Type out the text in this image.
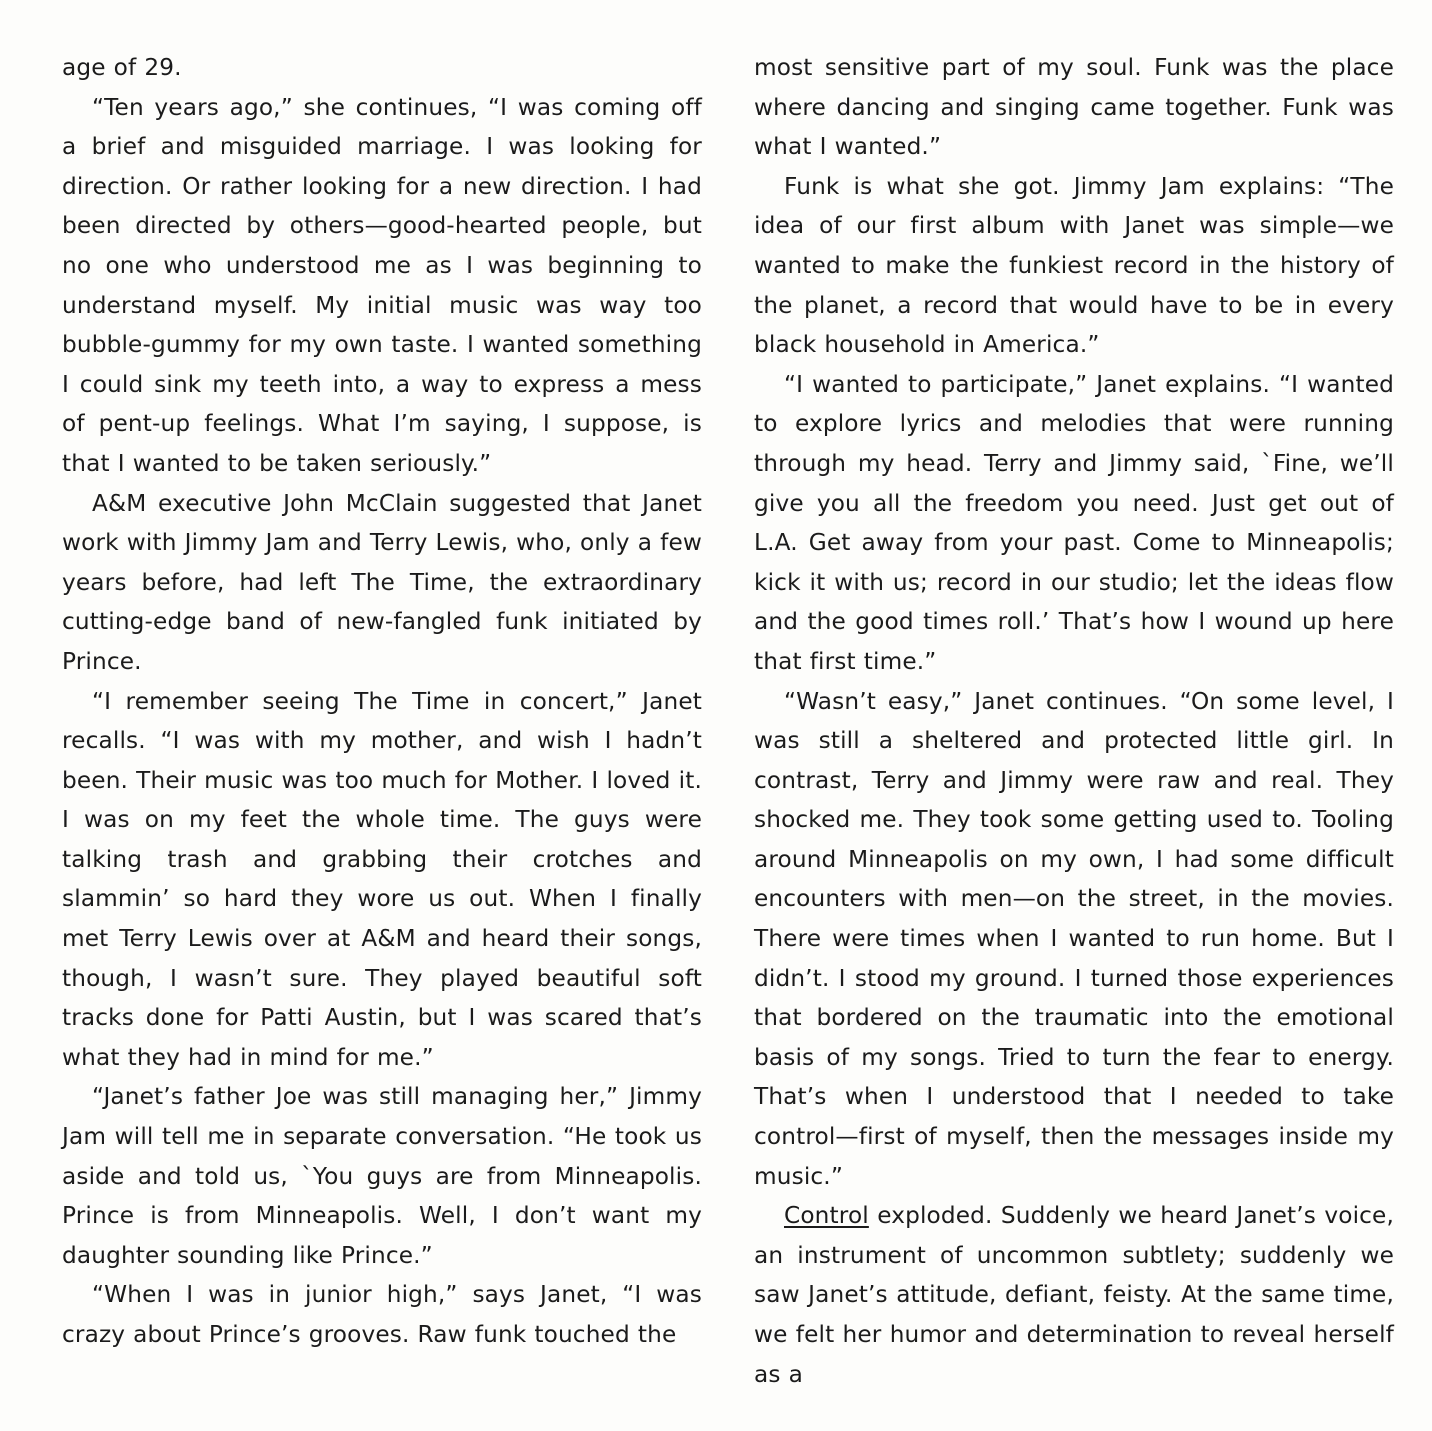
age of 29.

“Ten years ago,” she continues, “I was coming off a brief and misguided marriage. I was looking for direction. Or rather looking for a new direction. I had been directed by others—good-hearted people, but no one who understood me as I was beginning to understand myself. My initial music was way too bubble-gummy for my own taste. I wanted something I could sink my teeth into, a way to express a mess of pent-up feelings. What I’m saying, I suppose, is that I wanted to be taken seriously.”

A&M executive John McClain suggested that Janet work with Jimmy Jam and Terry Lewis, who, only a few years before, had left The Time, the extraordinary cutting-edge band of new-fangled funk initiated by Prince.

“I remember seeing The Time in concert,” Janet recalls. “I was with my mother, and wish I hadn’t been. Their music was too much for Mother. I loved it. I was on my feet the whole time. The guys were talking trash and grabbing their crotches and slammin’ so hard they wore us out. When I finally met Terry Lewis over at A&M and heard their songs, though, I wasn’t sure. They played beautiful soft tracks done for Patti Austin, but I was scared that’s what they had in mind for me.”

“Janet’s father Joe was still managing her,” Jimmy Jam will tell me in separate conversation. “He took us aside and told us, `You guys are from Minneapolis. Prince is from Minneapolis. Well, I don’t want my daughter sounding like Prince.”

“When I was in junior high,” says Janet, “I was crazy about Prince’s grooves. Raw funk touched the

most sensitive part of my soul. Funk was the place where dancing and singing came together. Funk was what I wanted.”

Funk is what she got. Jimmy Jam explains: “The idea of our first album with Janet was simple—we wanted to make the funkiest record in the history of the planet, a record that would have to be in every black household in America.”

“I wanted to participate,” Janet explains. “I wanted to explore lyrics and melodies that were running through my head. Terry and Jimmy said, `Fine, we’ll give you all the freedom you need. Just get out of L.A. Get away from your past. Come to Minneapolis; kick it with us; record in our studio; let the ideas flow and the good times roll.’ That’s how I wound up here that first time.”

“Wasn’t easy,” Janet continues. “On some level, I was still a sheltered and protected little girl. In contrast, Terry and Jimmy were raw and real. They shocked me. They took some getting used to. Tooling around Minneapolis on my own, I had some difficult encounters with men—on the street, in the movies. There were times when I wanted to run home. But I didn’t. I stood my ground. I turned those experiences that bordered on the traumatic into the emotional basis of my songs. Tried to turn the fear to energy. That’s when I understood that I needed to take control—first of myself, then the messages inside my music.”

Control exploded. Suddenly we heard Janet’s voice, an instrument of uncommon subtlety; suddenly we saw Janet’s attitude, defiant, feisty. At the same time, we felt her humor and determination to reveal herself as a
